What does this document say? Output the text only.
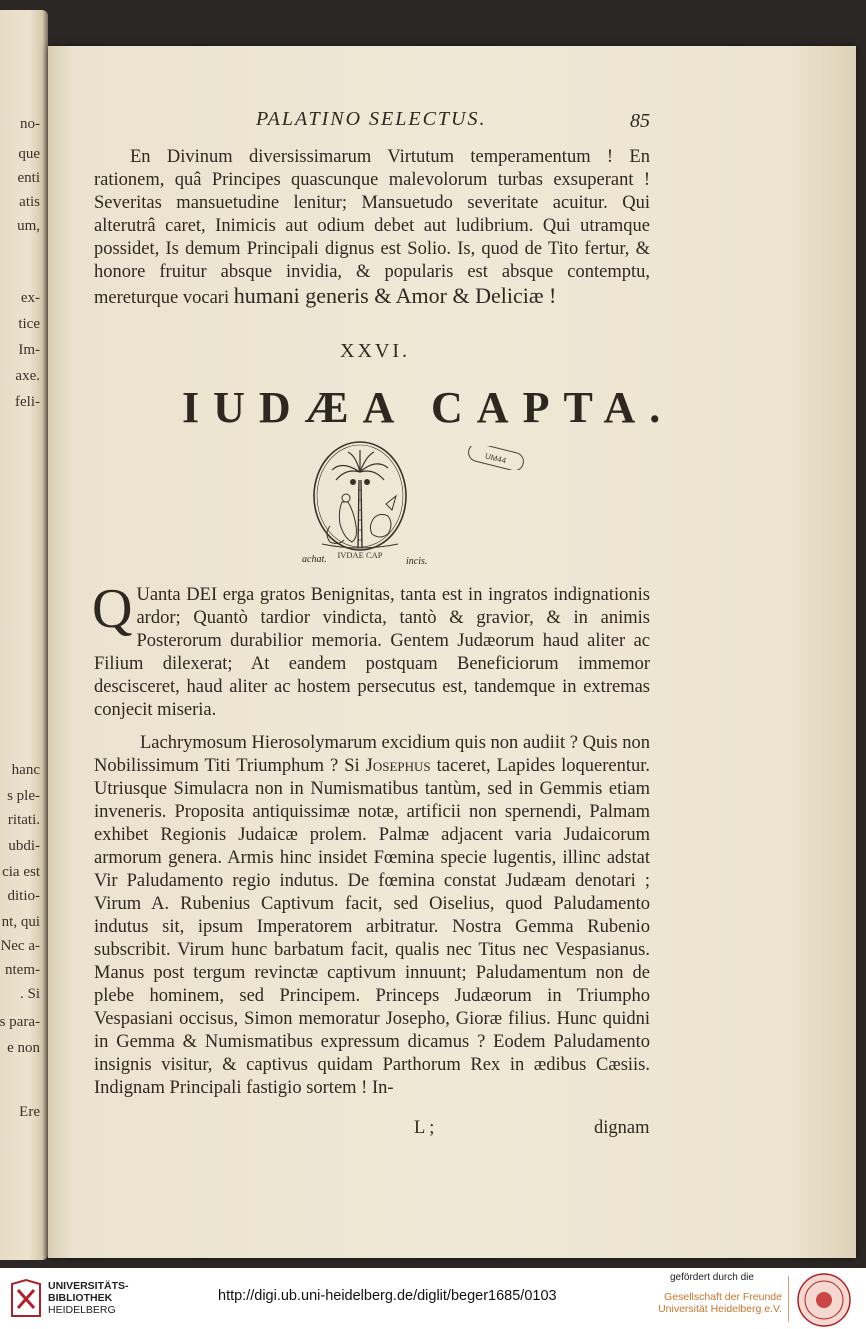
no-
que
enti
atis
um,
ex-
tice
Im-
axe.
feli-
hanc
s ple-
ritati.
ubdi-
cia est
ditio-
nt, qui
Nec a-
ntem-
. Si
s para-
e non
Ere
PALATINO SELECTUS.	85
En Divinum diversissimarum Virtutum temperamentum ! En rationem, quâ Principes quascunque malevolorum turbas exsuperant ! Severitas mansuetudine lenitur; Mansuetudo severitate acuitur. Qui alterutrâ caret, Inimicis aut odium debet aut ludibrium. Qui utramque possidet, Is demum Principali dignus est Solio. Is, quod de Tito fertur, & honore fruitur absque invidia, & popularis est absque contemptu, mereturque vocari humani generis & Amor & Deliciæ !
XXVI.
IUDÆA CAPTA.
IVDAE CAP
UM44
achat.	incis.
Q Uanta DEI erga gratos Benignitas, tanta est in ingratos indignationis ardor; Quantò tardior vindicta, tantò & gravior, & in animis Posterorum durabilior memoria. Gentem Judæorum haud aliter ac Filium dilexerat; At eandem postquam Beneficiorum immemor descisceret, haud aliter ac hostem persecutus est, tandemque in extremas conjecit miseria.
Lachrymosum Hierosolymarum excidium quis non audiit ? Quis non Nobilissimum Titi Triumphum ? Si Josephus taceret, Lapides loquerentur. Utriusque Simulacra non in Numismatibus tantùm, sed in Gemmis etiam inveneris. Proposita antiquissimæ notæ, artificii non spernendi, Palmam exhibet Regionis Judaicæ prolem. Palmæ adjacent varia Judaicorum armorum genera. Armis hinc insidet Fœmina specie lugentis, illinc adstat Vir Paludamento regio indutus. De fœmina constat Judæam denotari ; Virum A. Rubenius Captivum facit, sed Oiselius, quod Paludamento indutus sit, ipsum Imperatorem arbitratur. Nostra Gemma Rubenio subscribit. Virum hunc barbatum facit, qualis nec Titus nec Vespasianus. Manus post tergum revinctæ captivum innuunt; Paludamentum non de plebe hominem, sed Principem. Princeps Judæorum in Triumpho Vespasiani occisus, Simon memoratur Josepho, Gioræ filius. Hunc quidni in Gemma & Numismatibus expressum dicamus ? Eodem Paludamento insignis visitur, & captivus quidam Parthorum Rex in ædibus Cæsiis. Indignam Principali fastigio sortem ! In-
L ;	dignam
UNIVERSITÄTS-
BIBLIOTHEK
HEIDELBERG
http://digi.ub.uni-heidelberg.de/diglit/beger1685/0103
gefördert durch die
Gesellschaft der Freunde
Universität Heidelberg e.V.
